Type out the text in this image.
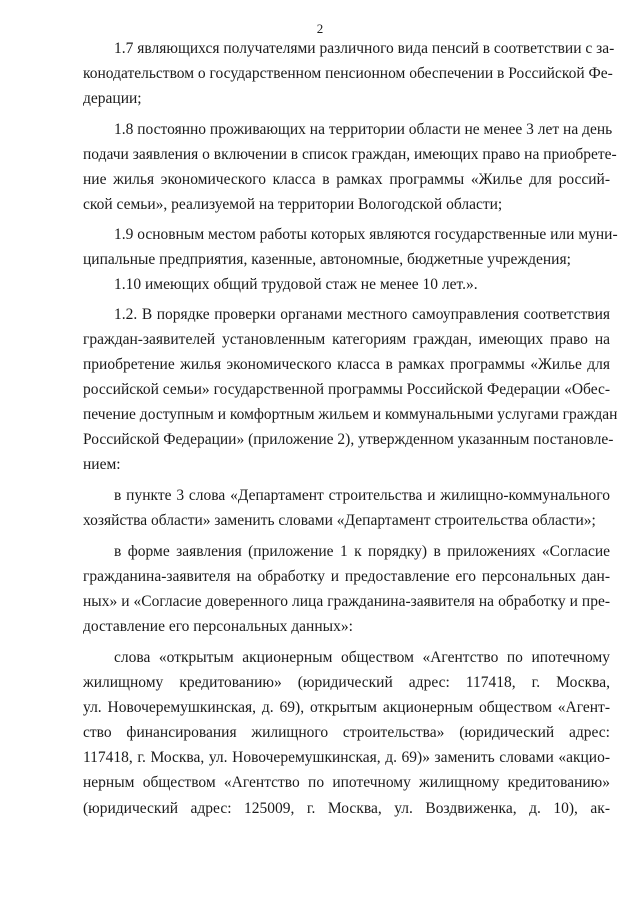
2
1.7 являющихся получателями различного вида пенсий в соответствии с за-
конодательством о государственном пенсионном обеспечении в Российской Фе-
дерации;
1.8 постоянно проживающих на территории области не менее 3 лет на день
подачи заявления о включении в список граждан, имеющих право на приобрете-
ние жилья экономического класса в рамках программы «Жилье для россий-
ской семьи», реализуемой на территории Вологодской области;
1.9 основным местом работы которых являются государственные или муни-
ципальные предприятия, казенные, автономные, бюджетные учреждения;
1.10 имеющих общий трудовой стаж не менее 10 лет.».
1.2. В порядке проверки органами местного самоуправления соответствия
граждан-заявителей установленным категориям граждан, имеющих право на
приобретение жилья экономического класса в рамках программы «Жилье для
российской семьи» государственной программы Российской Федерации «Обес-
печение доступным и комфортным жильем и коммунальными услугами граждан
Российской Федерации» (приложение 2), утвержденном указанным постановле-
нием:
в пункте 3 слова «Департамент строительства и жилищно-коммунального
хозяйства области» заменить словами «Департамент строительства области»;
в форме заявления (приложение 1 к порядку) в приложениях «Согласие
гражданина-заявителя на обработку и предоставление его персональных дан-
ных» и «Согласие доверенного лица гражданина-заявителя на обработку и пре-
доставление его персональных данных»:
слова «открытым акционерным обществом «Агентство по ипотечному
жилищному кредитованию» (юридический адрес: 117418, г. Москва,
ул. Новочеремушкинская, д. 69), открытым акционерным обществом «Агент-
ство финансирования жилищного строительства» (юридический адрес:
117418, г. Москва, ул. Новочеремушкинская, д. 69)» заменить словами «акцио-
нерным обществом «Агентство по ипотечному жилищному кредитованию»
(юридический адрес: 125009, г. Москва, ул. Воздвиженка, д. 10), ак-
